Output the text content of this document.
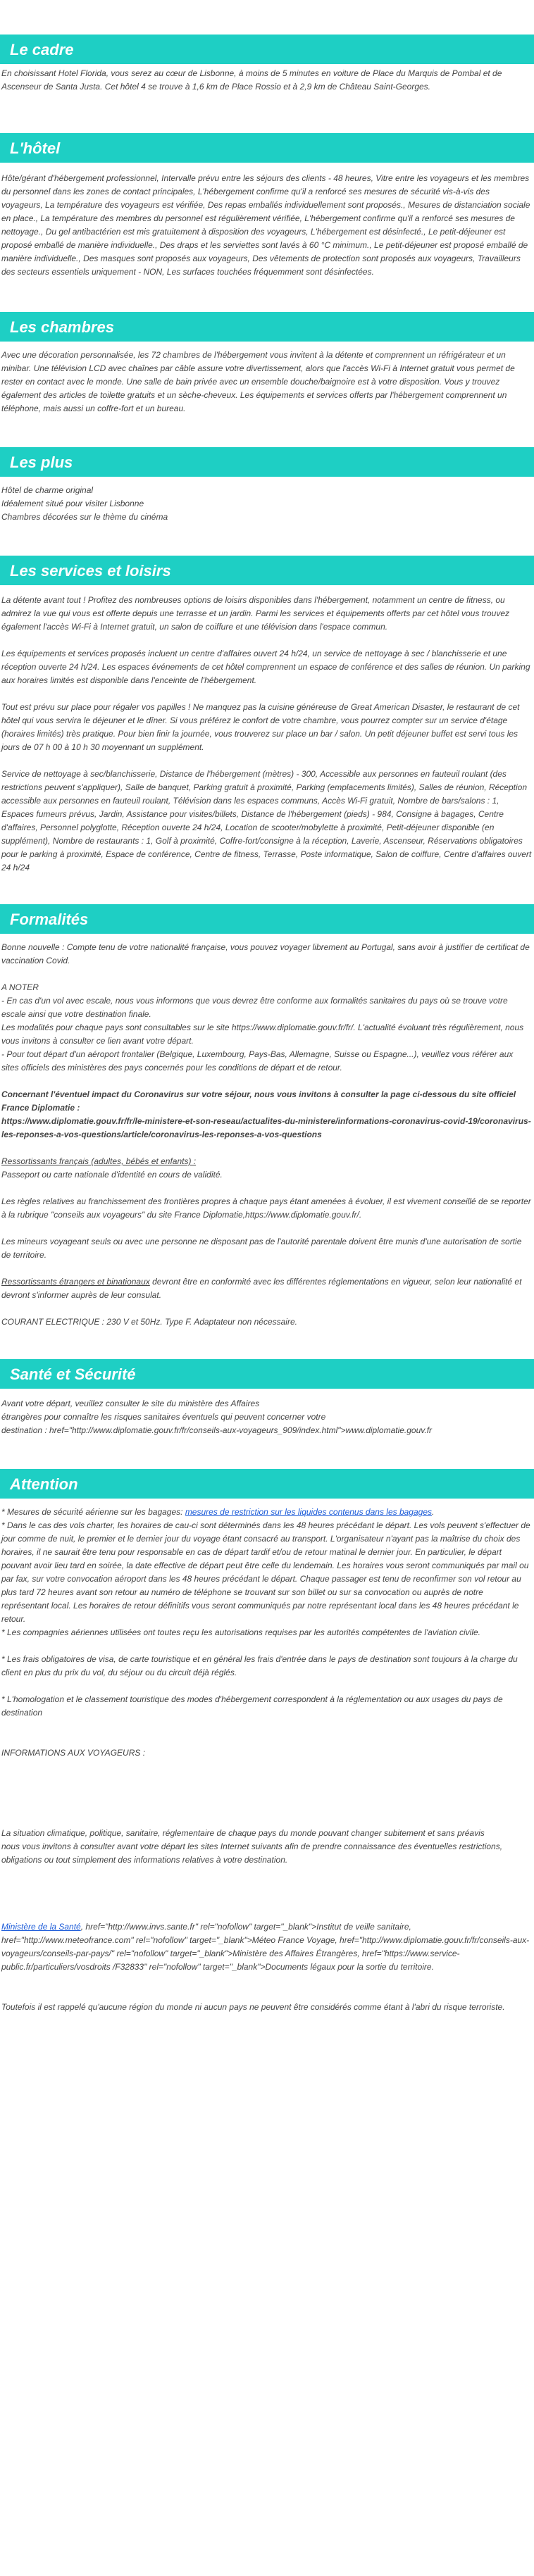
Le cadre

En choisissant Hotel Florida, vous serez au cœur de Lisbonne, à moins de 5 minutes en voiture de Place du Marquis de Pombal et de Ascenseur de Santa Justa. Cet hôtel 4 se trouve à 1,6 km de Place Rossio et à 2,9 km de Château Saint-Georges.

L'hôtel

Hôte/gérant d'hébergement professionnel, Intervalle prévu entre les séjours des clients - 48 heures, Vitre entre les voyageurs et les membres du personnel dans les zones de contact principales, L'hébergement confirme qu'il a renforcé ses mesures de sécurité vis-à-vis des voyageurs, La température des voyageurs est vérifiée, Des repas emballés individuellement sont proposés., Mesures de distanciation sociale en place., La température des membres du personnel est régulièrement vérifiée, L'hébergement confirme qu'il a renforcé ses mesures de nettoyage., Du gel antibactérien est mis gratuitement à disposition des voyageurs, L'hébergement est désinfecté., Le petit-déjeuner est proposé emballé de manière individuelle., Des draps et les serviettes sont lavés à 60 °C minimum., Le petit-déjeuner est proposé emballé de manière individuelle., Des masques sont proposés aux voyageurs, Des vêtements de protection sont proposés aux voyageurs, Travailleurs des secteurs essentiels uniquement - NON, Les surfaces touchées fréquemment sont désinfectées.

Les chambres

Avec une décoration personnalisée, les 72 chambres de l'hébergement vous invitent à la détente et comprennent un réfrigérateur et un minibar. Une télévision LCD avec chaînes par câble assure votre divertissement, alors que l'accès Wi-Fi à Internet gratuit vous permet de rester en contact avec le monde. Une salle de bain privée avec un ensemble douche/baignoire est à votre disposition. Vous y trouvez également des articles de toilette gratuits et un sèche-cheveux. Les équipements et services offerts par l'hébergement comprennent un téléphone, mais aussi un coffre-fort et un bureau.

Les plus

Hôtel de charme original

Idéalement situé pour visiter Lisbonne

Chambres décorées sur le thème du cinéma

Les services et loisirs

La détente avant tout ! Profitez des nombreuses options de loisirs disponibles dans l'hébergement, notamment un centre de fitness, ou admirez la vue qui vous est offerte depuis une terrasse et un jardin. Parmi les services et équipements offerts par cet hôtel vous trouvez également l'accès Wi-Fi à Internet gratuit, un salon de coiffure et une télévision dans l'espace commun.

Les équipements et services proposés incluent un centre d'affaires ouvert 24 h/24, un service de nettoyage à sec / blanchisserie et une réception ouverte 24 h/24. Les espaces événements de cet hôtel comprennent un espace de conférence et des salles de réunion. Un parking aux horaires limités est disponible dans l'enceinte de l'hébergement.

Tout est prévu sur place pour régaler vos papilles ! Ne manquez pas la cuisine généreuse de Great American Disaster, le restaurant de cet hôtel qui vous servira le déjeuner et le dîner. Si vous préférez le confort de votre chambre, vous pourrez compter sur un service d'étage (horaires limités) très pratique. Pour bien finir la journée, vous trouverez sur place un bar / salon. Un petit déjeuner buffet est servi tous les jours de 07 h 00 à 10 h 30 moyennant un supplément.

Service de nettoyage à sec/blanchisserie, Distance de l'hébergement (mètres) - 300, Accessible aux personnes en fauteuil roulant (des restrictions peuvent s'appliquer), Salle de banquet, Parking gratuit à proximité, Parking (emplacements limités), Salles de réunion, Réception accessible aux personnes en fauteuil roulant, Télévision dans les espaces communs, Accès Wi-Fi gratuit, Nombre de bars/salons : 1, Espaces fumeurs prévus, Jardin, Assistance pour visites/billets, Distance de l'hébergement (pieds) - 984, Consigne à bagages, Centre d'affaires, Personnel polyglotte, Réception ouverte 24 h/24, Location de scooter/mobylette à proximité, Petit-déjeuner disponible (en supplément), Nombre de restaurants : 1, Golf à proximité, Coffre-fort/consigne à la réception, Laverie, Ascenseur, Réservations obligatoires pour le parking à proximité, Espace de conférence, Centre de fitness, Terrasse, Poste informatique, Salon de coiffure, Centre d'affaires ouvert 24 h/24

Formalités

Bonne nouvelle : Compte tenu de votre nationalité française, vous pouvez voyager librement au Portugal, sans avoir à justifier de certificat de vaccination Covid.

A NOTER

- En cas d'un vol avec escale, nous vous informons que vous devrez être conforme aux formalités sanitaires du pays où se trouve votre escale ainsi que votre destination finale.

Les modalités pour chaque pays sont consultables sur le site https://www.diplomatie.gouv.fr/fr/. L'actualité évoluant très régulièrement, nous vous invitons à consulter ce lien avant votre départ.

- Pour tout départ d'un aéroport frontalier (Belgique, Luxembourg, Pays-Bas, Allemagne, Suisse ou Espagne...), veuillez vous référer aux sites officiels des ministères des pays concernés pour les conditions de départ et de retour.

Concernant l'éventuel impact du Coronavirus sur votre séjour, nous vous invitons à consulter la page ci-dessous du site officiel France Diplomatie :

https://www.diplomatie.gouv.fr/fr/le-ministere-et-son-reseau/actualites-du-ministere/informations-coronavirus-covid-19/coronavirus-les-reponses-a-vos-questions/article/coronavirus-les-reponses-a-vos-questions

Ressortissants français (adultes, bébés et enfants) :

Passeport ou carte nationale d'identité en cours de validité.

Les règles relatives au franchissement des frontières propres à chaque pays étant amenées à évoluer, il est vivement conseillé de se reporter à la rubrique "conseils aux voyageurs" du site France Diplomatie,https://www.diplomatie.gouv.fr/.

Les mineurs voyageant seuls ou avec une personne ne disposant pas de l'autorité parentale doivent être munis d'une autorisation de sortie de territoire.

Ressortissants étrangers et binationaux devront être en conformité avec les différentes réglementations en vigueur, selon leur nationalité et devront s'informer auprès de leur consulat.

COURANT ELECTRIQUE : 230 V et 50Hz. Type F. Adaptateur non nécessaire.

Santé et Sécurité

Avant votre départ, veuillez consulter le site du ministère des Affaires

étrangères pour connaître les risques sanitaires éventuels qui peuvent concerner votre

destination : href="http://www.diplomatie.gouv.fr/fr/conseils-aux-voyageurs_909/index.html">www.diplomatie.gouv.fr

Attention

* Mesures de sécurité aérienne sur les bagages: mesures de restriction sur les liquides contenus dans les bagages.

* Dans le cas des vols charter, les horaires de cau-ci sont déterminés dans les 48 heures précédant le départ. Les vols peuvent s'effectuer de jour comme de nuit, le premier et le dernier jour du voyage étant consacré au transport. L'organisateur n'ayant pas la maîtrise du choix des horaires, il ne saurait être tenu pour responsable en cas de départ tardif et/ou de retour matinal le dernier jour. En particulier, le départ pouvant avoir lieu tard en soirée, la date effective de départ peut être celle du lendemain. Les horaires vous seront communiqués par mail ou par fax, sur votre convocation aéroport dans les 48 heures précédant le départ. Chaque passager est tenu de reconfirmer son vol retour au plus tard 72 heures avant son retour au numéro de téléphone se trouvant sur son billet ou sur sa convocation ou auprès de notre représentant local. Les horaires de retour définitifs vous seront communiqués par notre représentant local dans les 48 heures précédant le retour.

* Les compagnies aériennes utilisées ont toutes reçu les autorisations requises par les autorités compétentes de l'aviation civile.

* Les frais obligatoires de visa, de carte touristique et en général les frais d'entrée dans le pays de destination sont toujours à la charge du client en plus du prix du vol, du séjour ou du circuit déjà réglés.

* L'homologation et le classement touristique des modes d'hébergement correspondent à la réglementation ou aux usages du pays de destination

INFORMATIONS AUX VOYAGEURS :

La situation climatique, politique, sanitaire, réglementaire de chaque pays du monde pouvant changer subitement et sans préavis

nous vous invitons à consulter avant votre départ les sites Internet suivants afin de prendre connaissance des éventuelles restrictions, obligations ou tout simplement des informations relatives à votre destination.

Ministère de la Santé, href="http://www.invs.sante.fr" rel="nofollow" target="_blank">Institut de veille sanitaire, href="http://www.meteofrance.com" rel="nofollow" target="_blank">Méteo France Voyage, href="http://www.diplomatie.gouv.fr/fr/conseils-aux-voyageurs/conseils-par-pays/" rel="nofollow" target="_blank">Ministère des Affaires Étrangères, href="https://www.service-public.fr/particuliers/vosdroits /F32833" rel="nofollow" target="_blank">Documents légaux pour la sortie du territoire.

Toutefois il est rappelé qu'aucune région du monde ni aucun pays ne peuvent être considérés comme étant à l'abri du risque terroriste.
